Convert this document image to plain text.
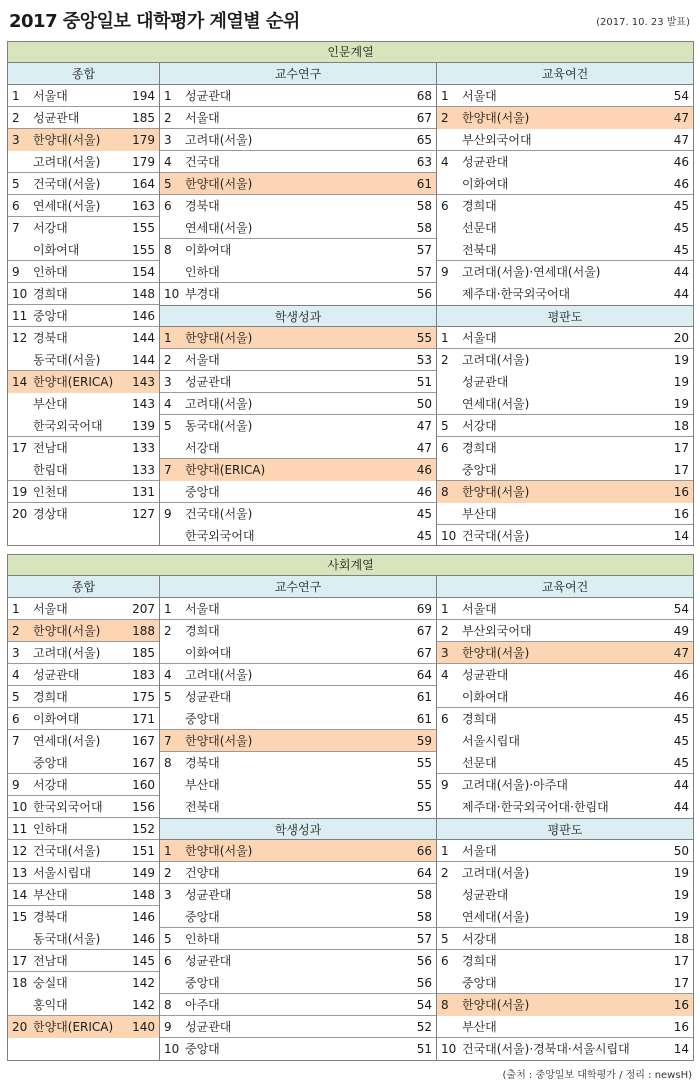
2017 중앙일보 대학평가 계열별 순위	(2017. 10. 23 발표)
인문계열
종합
1 서울대	194
2 성균관대	185
3 한양대(서울)	179
고려대(서울)	179
5 건국대(서울)	164
6 연세대(서울)	163
7 서강대	155
이화여대	155
9 인하대	154
10 경희대	148
11 중앙대	146
12 경북대	144
동국대(서울)	144
14 한양대(ERICA) 143
부산대	143
한국외국어대 139
17 전남대	133
한림대	133
19 인천대	131
20 경상대	127
교수연구
1 성균관대	68
2 서울대	67
3 고려대(서울)	65
4 건국대	63
5 한양대(서울)	61
6 경북대	58
연세대(서울)	58
8 이화여대	57
인하대	57
10 부경대	56
학생성과
1 한양대(서울)	55
2 서울대	53
3 성균관대	51
4 고려대(서울)	50
5 동국대(서울)	47
서강대	47
7 한양대(ERICA)	46
중앙대	46
9 건국대(서울)	45
한국외국어대	45
교육여건
1 서울대	54
2 한양대(서울)	47
부산외국어대	47
4 성균관대	46
이화여대	46
6 경희대	45
선문대	45
전북대	45
9 고려대(서울)·연세대(서울)	44
제주대·한국외국어대	44
평판도
1 서울대	20
2 고려대(서울)	19
성균관대	19
연세대(서울)	19
5 서강대	18
6 경희대	17
중앙대	17
8 한양대(서울)	16
부산대	16
10 건국대(서울)	14
사회계열
종합
1 서울대	207
2 한양대(서울)	188
3 고려대(서울)	185
4 성균관대	183
5 경희대	175
6 이화여대	171
7 연세대(서울)	167
중앙대	167
9 서강대	160
10 한국외국어대 156
11 인하대	152
12 건국대(서울)	151
13 서울시립대	149
14 부산대	148
15 경북대	146
동국대(서울)	146
17 전남대	145
18 숭실대	142
홍익대	142
20 한양대(ERICA) 140
교수연구
1 서울대	69
2 경희대	67
이화여대	67
4 고려대(서울)	64
5 성균관대	61
중앙대	61
7 한양대(서울)	59
8 경북대	55
부산대	55
전북대	55
학생성과
1 한양대(서울)	66
2 건양대	64
3 성균관대	58
중앙대	58
5 인하대	57
6 성균관대	56
중앙대	56
8 아주대	54
9 성균관대	52
10 중앙대	51
교육여건
1 서울대	54
2 부산외국어대	49
3 한양대(서울)	47
4 성균관대	46
이화여대	46
6 경희대	45
서울시립대	45
선문대	45
9 고려대(서울)·아주대	44
제주대·한국외국어대·한림대	44
평판도
1 서울대	50
2 고려대(서울)	19
성균관대	19
연세대(서울)	19
5 서강대	18
6 경희대	17
중앙대	17
8 한양대(서울)	16
부산대	16
10 건국대(서울)·경북대·서울시립대	14
(출처 : 중앙일보 대학평가 / 정리 : newsH)
